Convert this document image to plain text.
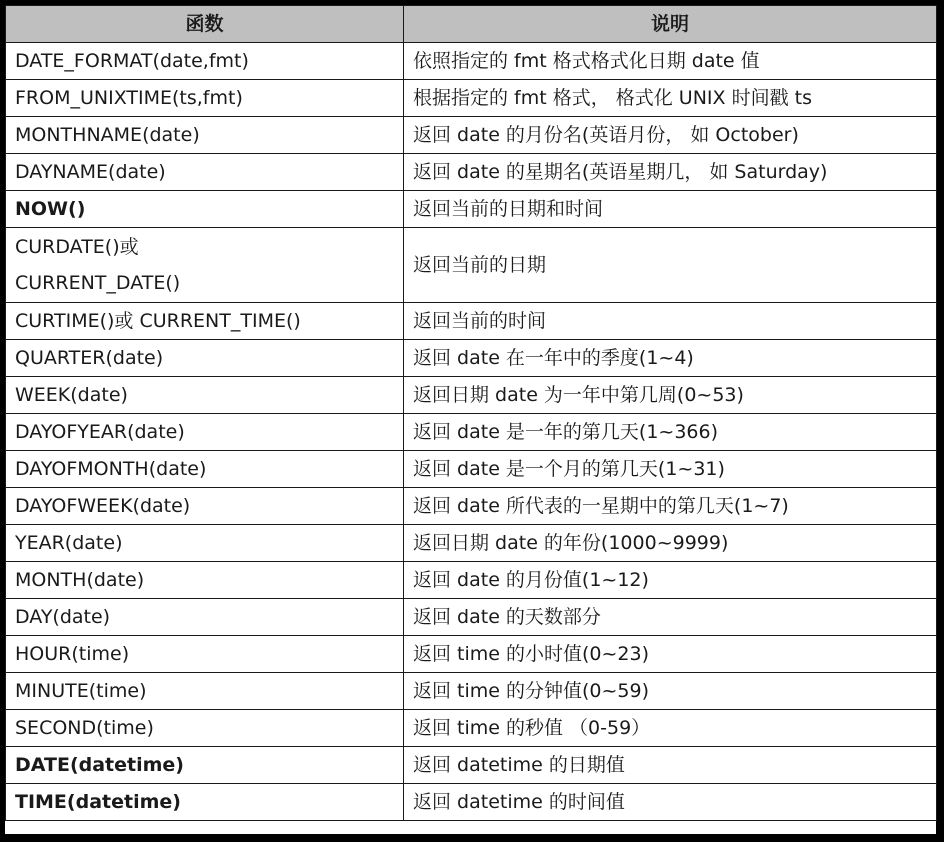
函数	说明

DATE_FORMAT(date,fmt)	依照指定的 fmt 格式格式化日期 date 值

FROM_UNIXTIME(ts,fmt)	根据指定的 fmt 格式， 格式化 UNIX 时间戳 ts

MONTHNAME(date)	返回 date 的月份名(英语月份， 如 October)

DAYNAME(date)	返回 date 的星期名(英语星期几， 如 Saturday)

NOW()	返回当前的日期和时间

CURDATE()或
CURRENT_DATE()	返回当前的日期

CURTIME()或 CURRENT_TIME()	返回当前的时间

QUARTER(date)	返回 date 在一年中的季度(1~4)

WEEK(date)	返回日期 date 为一年中第几周(0~53)

DAYOFYEAR(date)	返回 date 是一年的第几天(1~366)

DAYOFMONTH(date)	返回 date 是一个月的第几天(1~31)

DAYOFWEEK(date)	返回 date 所代表的一星期中的第几天(1~7)

YEAR(date)	返回日期 date 的年份(1000~9999)

MONTH(date)	返回 date 的月份值(1~12)

DAY(date)	返回 date 的天数部分

HOUR(time)	返回 time 的小时值(0~23)

MINUTE(time)	返回 time 的分钟值(0~59)

SECOND(time)	返回 time 的秒值 （0-59）

DATE(datetime)	返回 datetime 的日期值

TIME(datetime)	返回 datetime 的时间值
